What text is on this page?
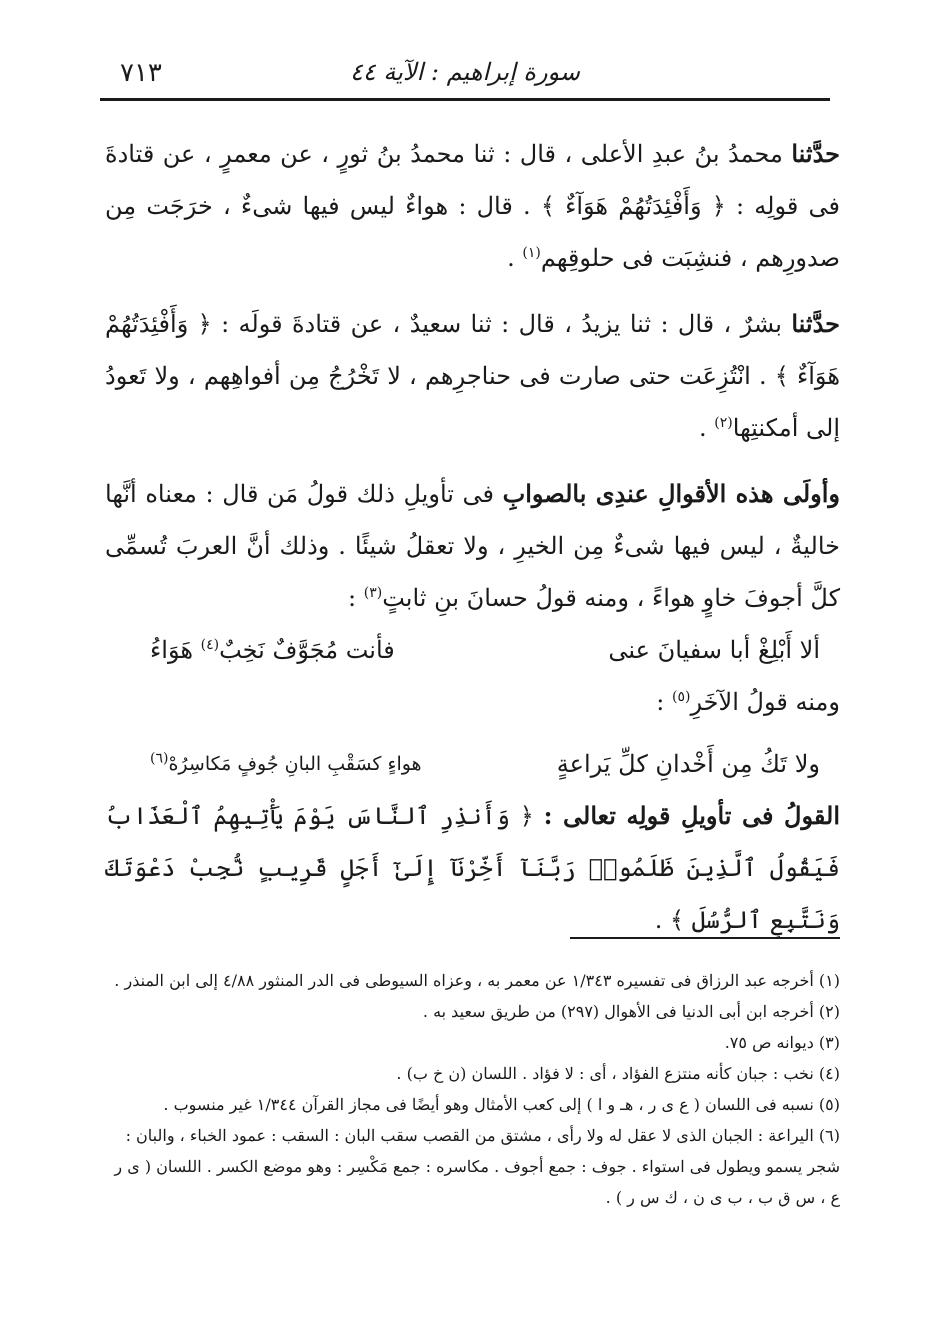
٧١٣	سورة إبراهيم : الآية ٤٤

حدَّثنا محمدُ بنُ عبدِ الأعلى ، قال : ثنا محمدُ بنُ ثورٍ ، عن معمرٍ ، عن قتادةَ فى قولِه : ﴿ وَأَفْئِدَتُهُمْ هَوَآءٌ ﴾ . قال : هواءٌ ليس فيها شىءٌ ، خرَجَت مِن صدورِهم ، فنشِبَت فى حلوقِهم$^{(١)}$ .

حدَّثنا بشرٌ ، قال : ثنا يزيدُ ، قال : ثنا سعيدٌ ، عن قتادةَ قولَه : ﴿ وَأَفْئِدَتُهُمْ هَوَآءٌ ﴾ . انْتُزِعَت حتى صارت فى حناجرِهم ، لا تَخْرُجُ مِن أفواهِهم ، ولا تَعودُ إلى أمكنتِها$^{(٢)}$ .

وأولَى هذه الأقوالِ عندِى بالصوابِ فى تأويلِ ذلك قولُ مَن قال : معناه أنَّها خاليةٌ ، ليس فيها شىءٌ مِن الخيرِ ، ولا تعقلُ شيئًا . وذلك أنَّ العربَ تُسمِّى كلَّ أجوفَ خاوٍ هواءً ، ومنه قولُ حسانَ بنِ ثابتٍ$^{(٣)}$ :

ألا أَبْلِغْ أبا سفيانَ عنى
فأنت مُجَوَّفٌ نَخِبٌ$^{(٤)}$ هَوَاءُ

ومنه قولُ الآخَرِ$^{(٥)}$ :

ولا تَكُ مِن أَخْدانِ كلِّ يَراعةٍ
هواءٍ كسَقْبِ البانِ جُوفٍ مَكاسِرُهْ$^{(٦)}$

القولُ فى تأويلِ قولِه تعالى : ﴿ وَأَنذِرِ ٱلنَّاسَ يَوْمَ يَأْتِيهِمُ ٱلْعَذَابُ فَيَقُولُ ٱلَّذِينَ ظَلَمُوا۟ رَبَّنَآ أَخِّرْنَآ إِلَىٰٓ أَجَلٍ قَرِيبٍ نُّجِبْ دَعْوَتَكَ وَنَتَّبِعِ ٱلرُّسُلَ ﴾ .

(١) أخرجه عبد الرزاق فى تفسيره ١/٣٤٣ عن معمر به ، وعزاه السيوطى فى الدر المنثور ٤/٨٨ إلى ابن المنذر .

(٢) أخرجه ابن أبى الدنيا فى الأهوال (٢٩٧) من طريق سعيد به .

(٣) ديوانه ص ٧٥.

(٤) نخب : جبان كأنه منتزع الفؤاد ، أى : لا فؤاد . اللسان (ن خ ب) .

(٥) نسبه فى اللسان ( ع ى ر ، هـ و ا ) إلى كعب الأمثال وهو أيضًا فى مجاز القرآن ١/٣٤٤ غير منسوب .

(٦) اليراعة : الجبان الذى لا عقل له ولا رأى ، مشتق من القصب سقب البان : السقب : عمود الخباء ، والبان : شجر يسمو ويطول فى استواء . جوف : جمع أجوف . مكاسره : جمع مَكْسِر : وهو موضع الكسر . اللسان ( ى ر ع ، س ق ب ، ب ى ن ، ك س ر ) .
